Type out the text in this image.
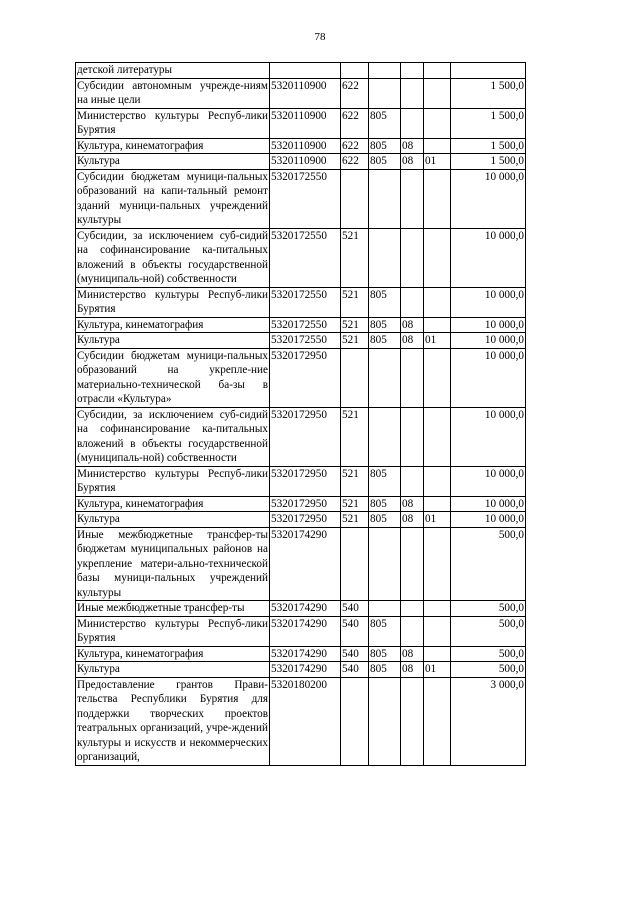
78
детской литературы						
Субсидии автономным учрежде-ниям на иные цели	5320110900	622				1 500,0
Министерство культуры Респуб-лики Бурятия	5320110900	622	805			1 500,0
Культура, кинематография	5320110900	622	805	08		1 500,0
Культура	5320110900	622	805	08	01	1 500,0
Субсидии бюджетам муници-пальных образований на капи-тальный ремонт зданий муници-пальных учреждений культуры	5320172550					10 000,0
Субсидии, за исключением суб-сидий на софинансирование ка-питальных вложений в объекты государственной (муниципаль-ной) собственности	5320172550	521				10 000,0
Министерство культуры Респуб-лики Бурятия	5320172550	521	805			10 000,0
Культура, кинематография	5320172550	521	805	08		10 000,0
Культура	5320172550	521	805	08	01	10 000,0
Субсидии бюджетам муници-пальных образований на укрепле-ние материально-технической ба-зы в отрасли «Культура»	5320172950					10 000,0
Субсидии, за исключением суб-сидий на софинансирование ка-питальных вложений в объекты государственной (муниципаль-ной) собственности	5320172950	521				10 000,0
Министерство культуры Респуб-лики Бурятия	5320172950	521	805			10 000,0
Культура, кинематография	5320172950	521	805	08		10 000,0
Культура	5320172950	521	805	08	01	10 000,0
Иные межбюджетные трансфер-ты бюджетам муниципальных районов на укрепление матери-ально-технической базы муници-пальных учреждений культуры	5320174290					500,0
Иные межбюджетные трансфер-ты	5320174290	540				500,0
Министерство культуры Респуб-лики Бурятия	5320174290	540	805			500,0
Культура, кинематография	5320174290	540	805	08		500,0
Культура	5320174290	540	805	08	01	500,0
Предоставление грантов Прави-тельства Республики Бурятия для поддержки творческих проектов театральных организаций, учре-ждений культуры и искусств и некоммерческих организаций,	5320180200					3 000,0
